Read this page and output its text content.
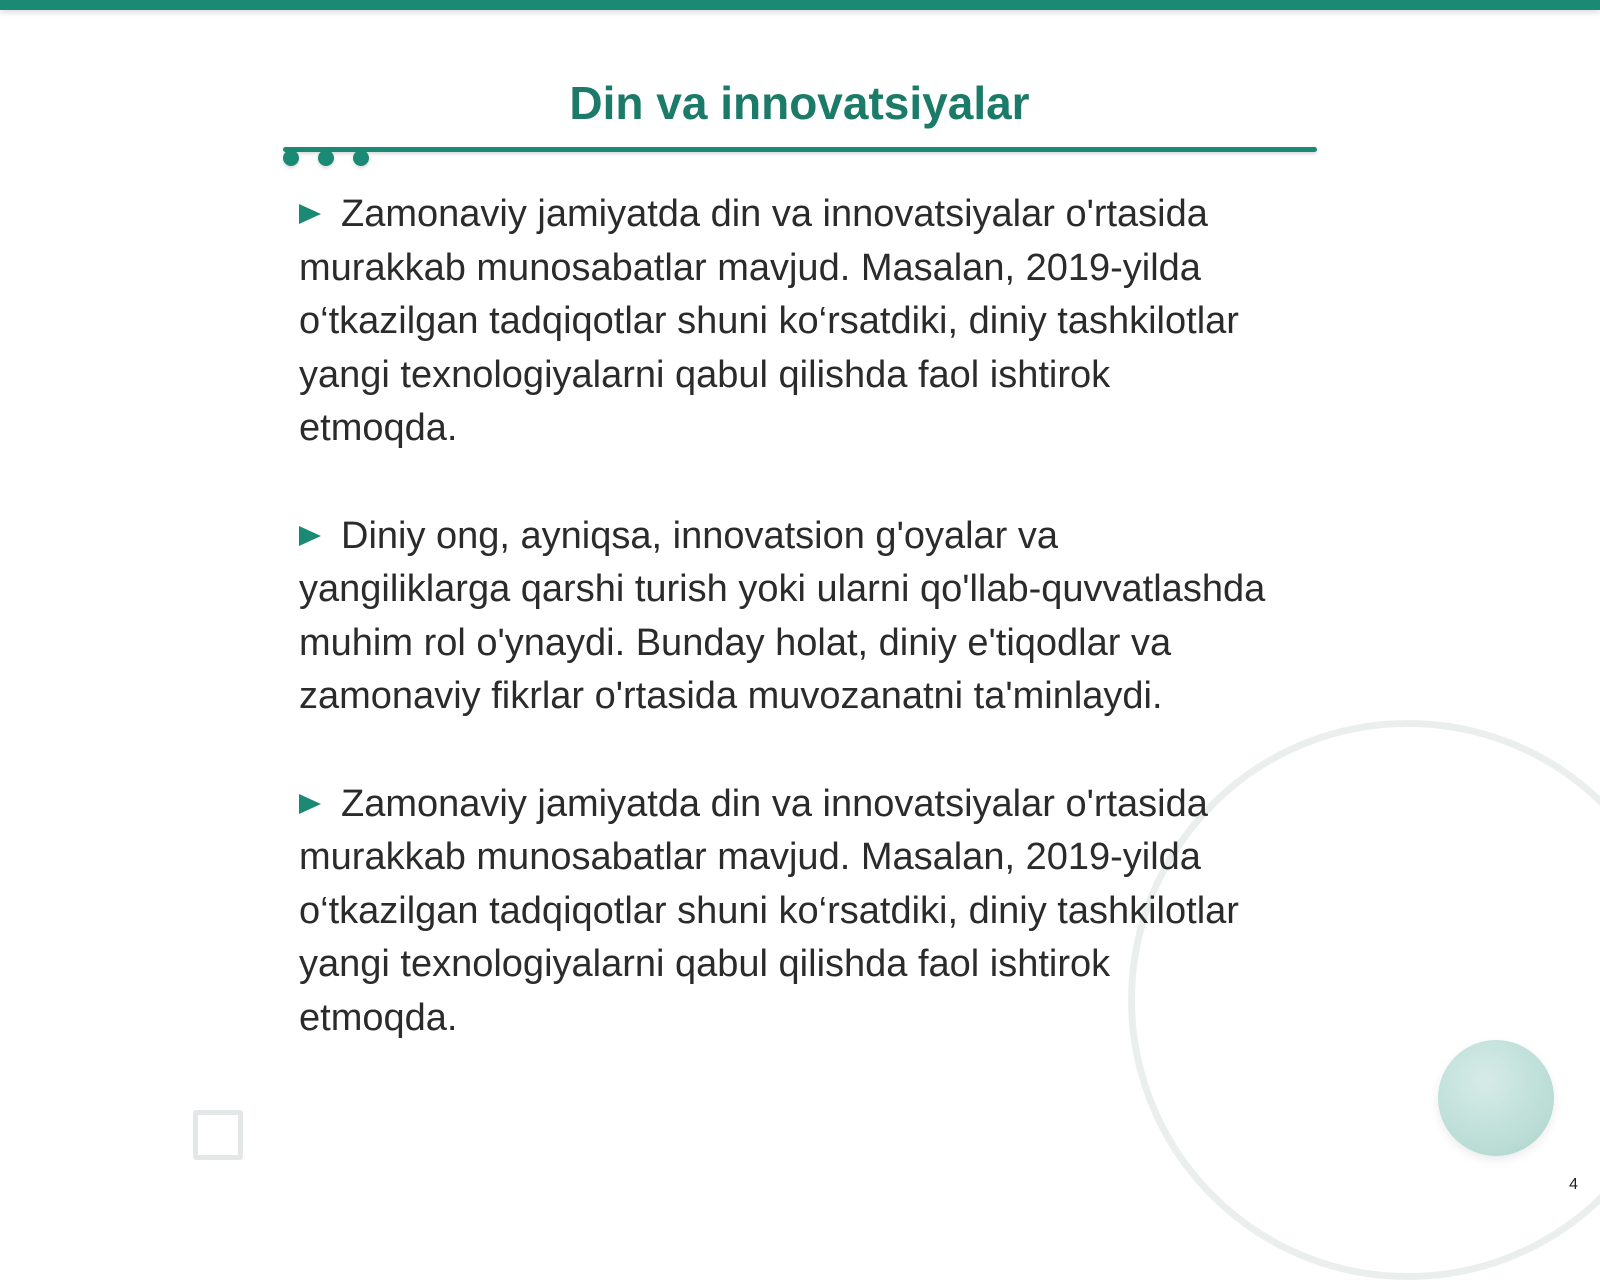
Din va innovatsiyalar

Zamonaviy jamiyatda din va innovatsiyalar o'rtasida murakkab munosabatlar mavjud. Masalan, 2019-yilda o‘tkazilgan tadqiqotlar shuni ko‘rsatdiki, diniy tashkilotlar yangi texnologiyalarni qabul qilishda faol ishtirok etmoqda.

Diniy ong, ayniqsa, innovatsion g'oyalar va yangiliklarga qarshi turish yoki ularni qo'llab-quvvatlashda muhim rol o'ynaydi. Bunday holat, diniy e'tiqodlar va zamonaviy fikrlar o'rtasida muvozanatni ta'minlaydi.

Zamonaviy jamiyatda din va innovatsiyalar o'rtasida murakkab munosabatlar mavjud. Masalan, 2019-yilda o‘tkazilgan tadqiqotlar shuni ko‘rsatdiki, diniy tashkilotlar yangi texnologiyalarni qabul qilishda faol ishtirok etmoqda.

4
